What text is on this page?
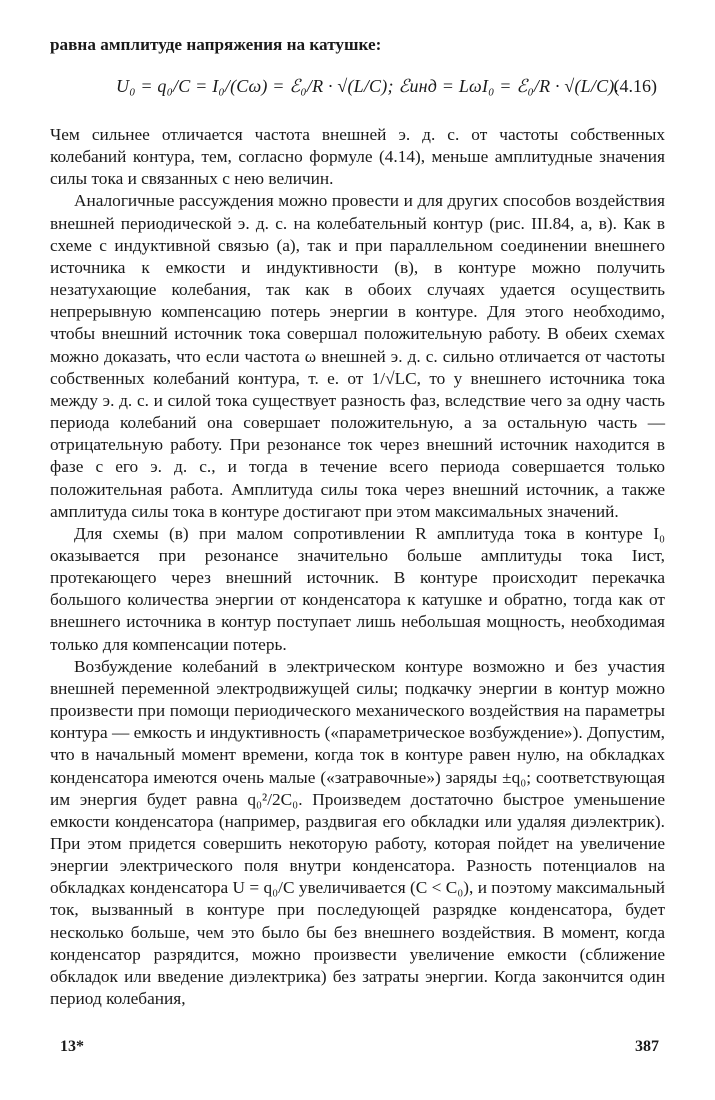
равна амплитуде напряжения на катушке:

U₀ = q₀/C = I₀/(Cω) = ℰ₀/R · √(L/C); ℰинд = LωI₀ = ℰ₀/R · √(L/C).
(4.16)

Чем сильнее отличается частота внешней э. д. с. от частоты собственных колебаний контура, тем, согласно формуле (4.14), меньше амплитудные значения силы тока и связанных с нею величин.

Аналогичные рассуждения можно провести и для других способов воздействия внешней периодической э. д. с. на колебательный контур (рис. III.84, а, в). Как в схеме с индуктивной связью (а), так и при параллельном соединении внешнего источника к емкости и индуктивности (в), в контуре можно получить незатухающие колебания, так как в обоих случаях удается осуществить непрерывную компенсацию потерь энергии в контуре. Для этого необходимо, чтобы внешний источник тока совершал положительную работу. В обеих схемах можно доказать, что если частота ω внешней э. д. с. сильно отличается от частоты собственных колебаний контура, т. е. от 1/√LC, то у внешнего источника тока между э. д. с. и силой тока существует разность фаз, вследствие чего за одну часть периода колебаний она совершает положительную, а за остальную часть — отрицательную работу. При резонансе ток через внешний источник находится в фазе с его э. д. с., и тогда в течение всего периода совершается только положительная работа. Амплитуда силы тока через внешний источник, а также амплитуда силы тока в контуре достигают при этом максимальных значений.

Для схемы (в) при малом сопротивлении R амплитуда тока в контуре I₀ оказывается при резонансе значительно больше амплитуды тока Iист, протекающего через внешний источник. В контуре происходит перекачка большого количества энергии от конденсатора к катушке и обратно, тогда как от внешнего источника в контур поступает лишь небольшая мощность, необходимая только для компенсации потерь.

Возбуждение колебаний в электрическом контуре возможно и без участия внешней переменной электродвижущей силы; подкачку энергии в контур можно произвести при помощи периодического механического воздействия на параметры контура — емкость и индуктивность («параметрическое возбуждение»). Допустим, что в начальный момент времени, когда ток в контуре равен нулю, на обкладках конденсатора имеются очень малые («затравочные») заряды ±q₀; соответствующая им энергия будет равна q₀²/2C₀. Произведем достаточно быстрое уменьшение емкости конденсатора (например, раздвигая его обкладки или удаляя диэлектрик). При этом придется совершить некоторую работу, которая пойдет на увеличение энергии электрического поля внутри конденсатора. Разность потенциалов на обкладках конденсатора U = q₀/C увеличивается (C < C₀), и поэтому максимальный ток, вызванный в контуре при последующей разрядке конденсатора, будет несколько больше, чем это было бы без внешнего воздействия. В момент, когда конденсатор разрядится, можно произвести увеличение емкости (сближение обкладок или введение диэлектрика) без затраты энергии. Когда закончится один период колебания,

13*	387
